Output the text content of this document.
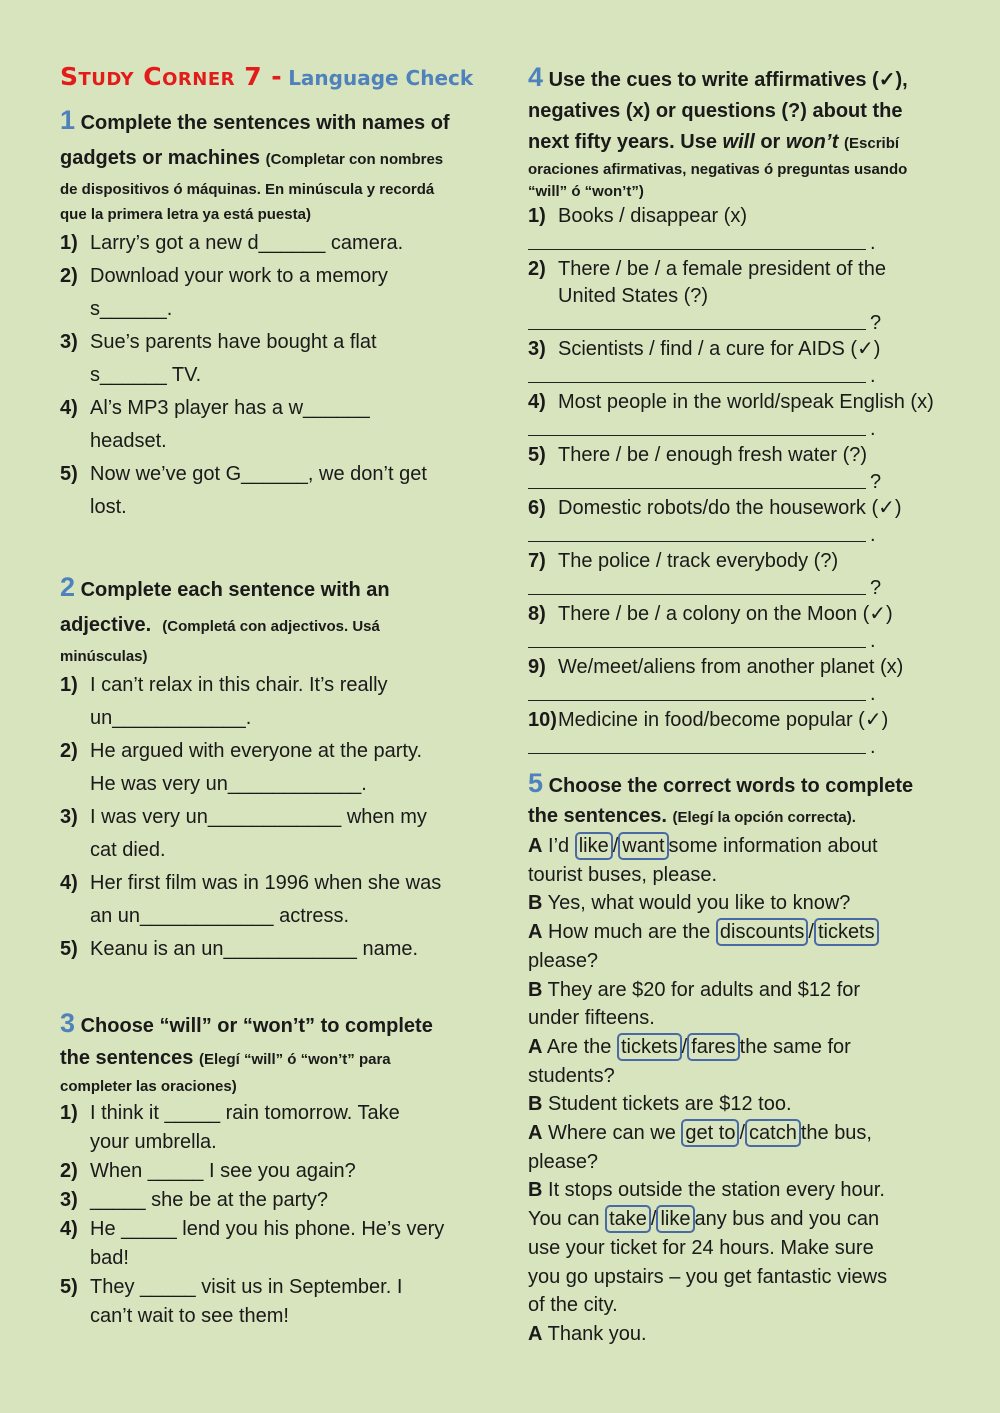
Study Corner 7 - Language Check
1 Complete the sentences with names of
gadgets or machines (Completar con nombres
de dispositivos ó máquinas. En minúscula y recordá
que la primera letra ya está puesta)
1) Larry’s got a new d______ camera.
2) Download your work to a memory
s______.
3) Sue’s parents have bought a flat
s______ TV.
4) Al’s MP3 player has a w______
headset.
5) Now we’ve got G______, we don’t get
lost.
2 Complete each sentence with an
adjective. (Completá con adjectivos. Usá
minúsculas)
1) I can’t relax in this chair. It’s really
un____________.
2) He argued with everyone at the party.
He was very un____________.
3) I was very un____________ when my
cat died.
4) Her first film was in 1996 when she was
an un____________ actress.
5) Keanu is an un____________ name.
3 Choose “will” or “won’t” to complete
the sentences (Elegí “will” ó “won’t” para
completer las oraciones)
1) I think it _____ rain tomorrow. Take
your umbrella.
2) When _____ I see you again?
3) _____ she be at the party?
4) He _____ lend you his phone. He’s very
bad!
5) They _____ visit us in September. I
can’t wait to see them!
4 Use the cues to write affirmatives (✓),
negatives (x) or questions (?) about the
next fifty years. Use will or won’t (Escribí
oraciones afirmativas, negativas ó preguntas usando
“will” ó “won’t”)
1) Books / disappear (x)
.
2) There / be / a female president of the
United States (?)
?
3) Scientists / find / a cure for AIDS (✓)
.
4) Most people in the world/speak English (x)
.
5) There / be / enough fresh water (?)
?
6) Domestic robots/do the housework (✓)
.
7) The police / track everybody (?)
?
8) There / be / a colony on the Moon (✓)
.
9) We/meet/aliens from another planet (x)
.
10) Medicine in food/become popular (✓)
.
5 Choose the correct words to complete
the sentences. (Elegí la opción correcta).
A I’d like / want some information about
tourist buses, please.
B Yes, what would you like to know?
A How much are the discounts / tickets
please?
B They are $20 for adults and $12 for
under fifteens.
A Are the tickets / fares the same for
students?
B Student tickets are $12 too.
A Where can we get to / catch the bus,
please?
B It stops outside the station every hour.
You can take / like any bus and you can
use your ticket for 24 hours. Make sure
you go upstairs – you get fantastic views
of the city.
A Thank you.
